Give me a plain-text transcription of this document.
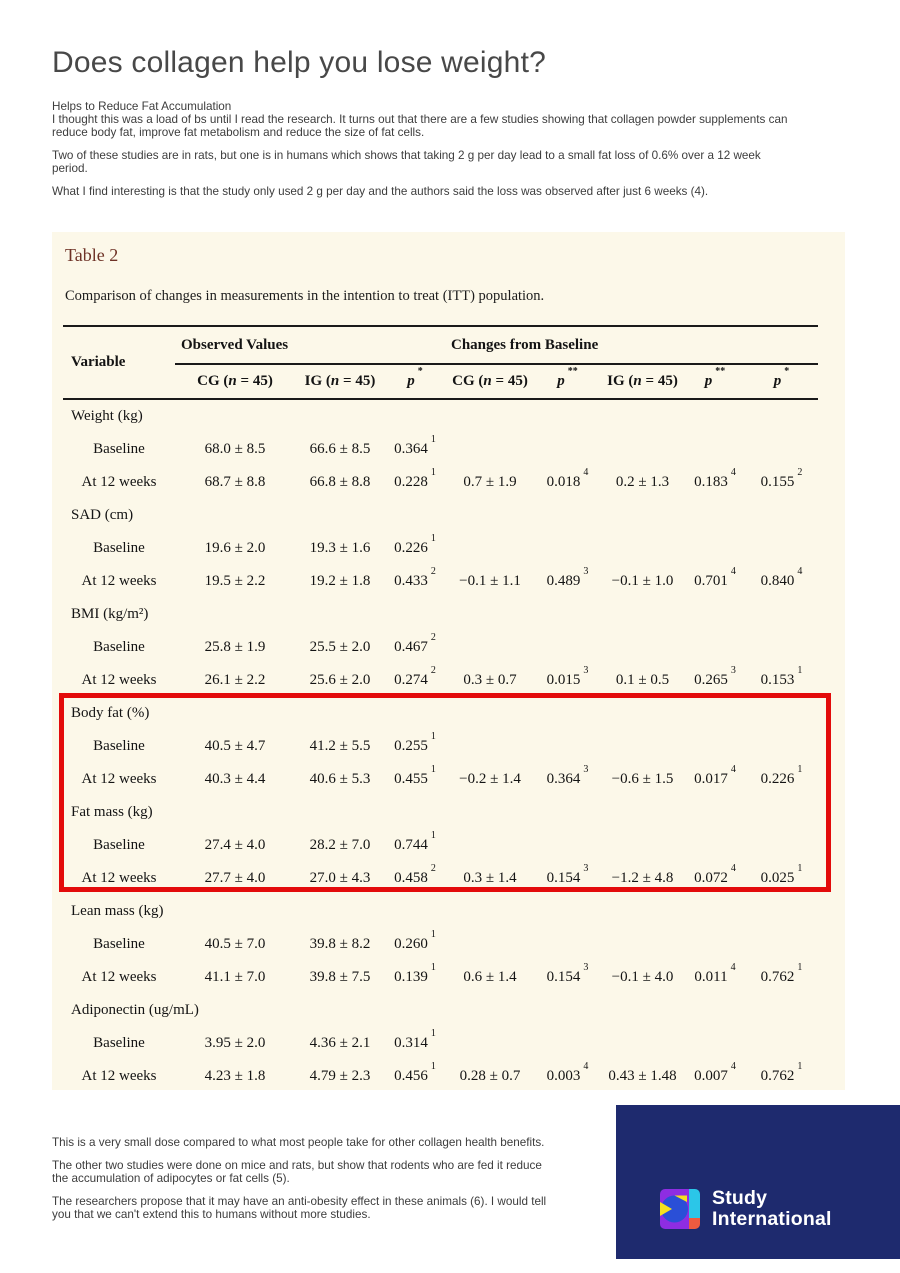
Does collagen help you lose weight?

Helps to Reduce Fat Accumulation
I thought this was a load of bs until I read the research. It turns out that there are a few studies showing that collagen powder supplements can
reduce body fat, improve fat metabolism and reduce the size of fat cells.

Two of these studies are in rats, but one is in humans which shows that taking 2 g per day lead to a small fat loss of 0.6% over a 12 week
period.

What I find interesting is that the study only used 2 g per day and the authors said the loss was observed after just 6 weeks (4).

Table 2
Comparison of changes in measurements in the intention to treat (ITT) population.
Variable	Observed Values			Changes from Baseline				
	CG (n = 45)	IG (n = 45)	p*	CG (n = 45)	p**	IG (n = 45)	p**	p*
Weight (kg)								
Baseline	68.0 ± 8.5	66.6 ± 8.5	0.364$^1$					
At 12 weeks	68.7 ± 8.8	66.8 ± 8.8	0.228$^1$	0.7 ± 1.9	0.018$^4$	0.2 ± 1.3	0.183$^4$	0.155$^2$
SAD (cm)								
Baseline	19.6 ± 2.0	19.3 ± 1.6	0.226$^1$					
At 12 weeks	19.5 ± 2.2	19.2 ± 1.8	$0.433^2$	−0.1 ± 1.1	$0.489^3$	−0.1 ± 1.0	0.701$^4$	0.840$^4$
BMI (kg/m²)								
Baseline	25.8 ± 1.9	25.5 ± 2.0	0.467$^2$					
At 12 weeks	26.1 ± 2.2	25.6 ± 2.0	0.274$^2$	0.3 ± 0.7	0.015$^3$	0.1 ± 0.5	0.265$^3$	0.153$^1$
Body fat (%)								
Baseline	40.5 ± 4.7	41.2 ± 5.5	0.255$^1$					
At 12 weeks	40.3 ± 4.4	40.6 ± 5.3	$0.455^1$	−0.2 ± 1.4	$0.364^3$	−0.6 ± 1.5	0.017$^4$	0.226$^1$
Fat mass (kg)								
Baseline	27.4 ± 4.0	28.2 ± 7.0	0.744$^1$					
At 12 weeks	27.7 ± 4.0	27.0 ± 4.3	0.458$^2$	0.3 ± 1.4	$0.154^3$	−1.2 ± 4.8	0.072$^4$	0.025$^1$
Lean mass (kg)								
Baseline	40.5 ± 7.0	39.8 ± 8.2	0.260$^1$					
At 12 weeks	41.1 ± 7.0	39.8 ± 7.5	0.139$^1$	0.6 ± 1.4	$0.154^3$	−0.1 ± 4.0	0.011$^4$	0.762$^1$
Adiponectin (ug/mL)								
Baseline	3.95 ± 2.0	4.36 ± 2.1	0.314$^1$					
At 12 weeks	4.23 ± 1.8	4.79 ± 2.3	0.456$^1$	0.28 ± 0.7	0.003$^4$	0.43 ± 1.48	0.007$^4$	0.762$^1$

This is a very small dose compared to what most people take for other collagen health benefits.

The other two studies were done on mice and rats, but show that rodents who are fed it reduce
the accumulation of adipocytes or fat cells (5).

The researchers propose that it may have an anti-obesity effect in these animals (6). I would tell
you that we can't extend this to humans without more studies.

Study
International
